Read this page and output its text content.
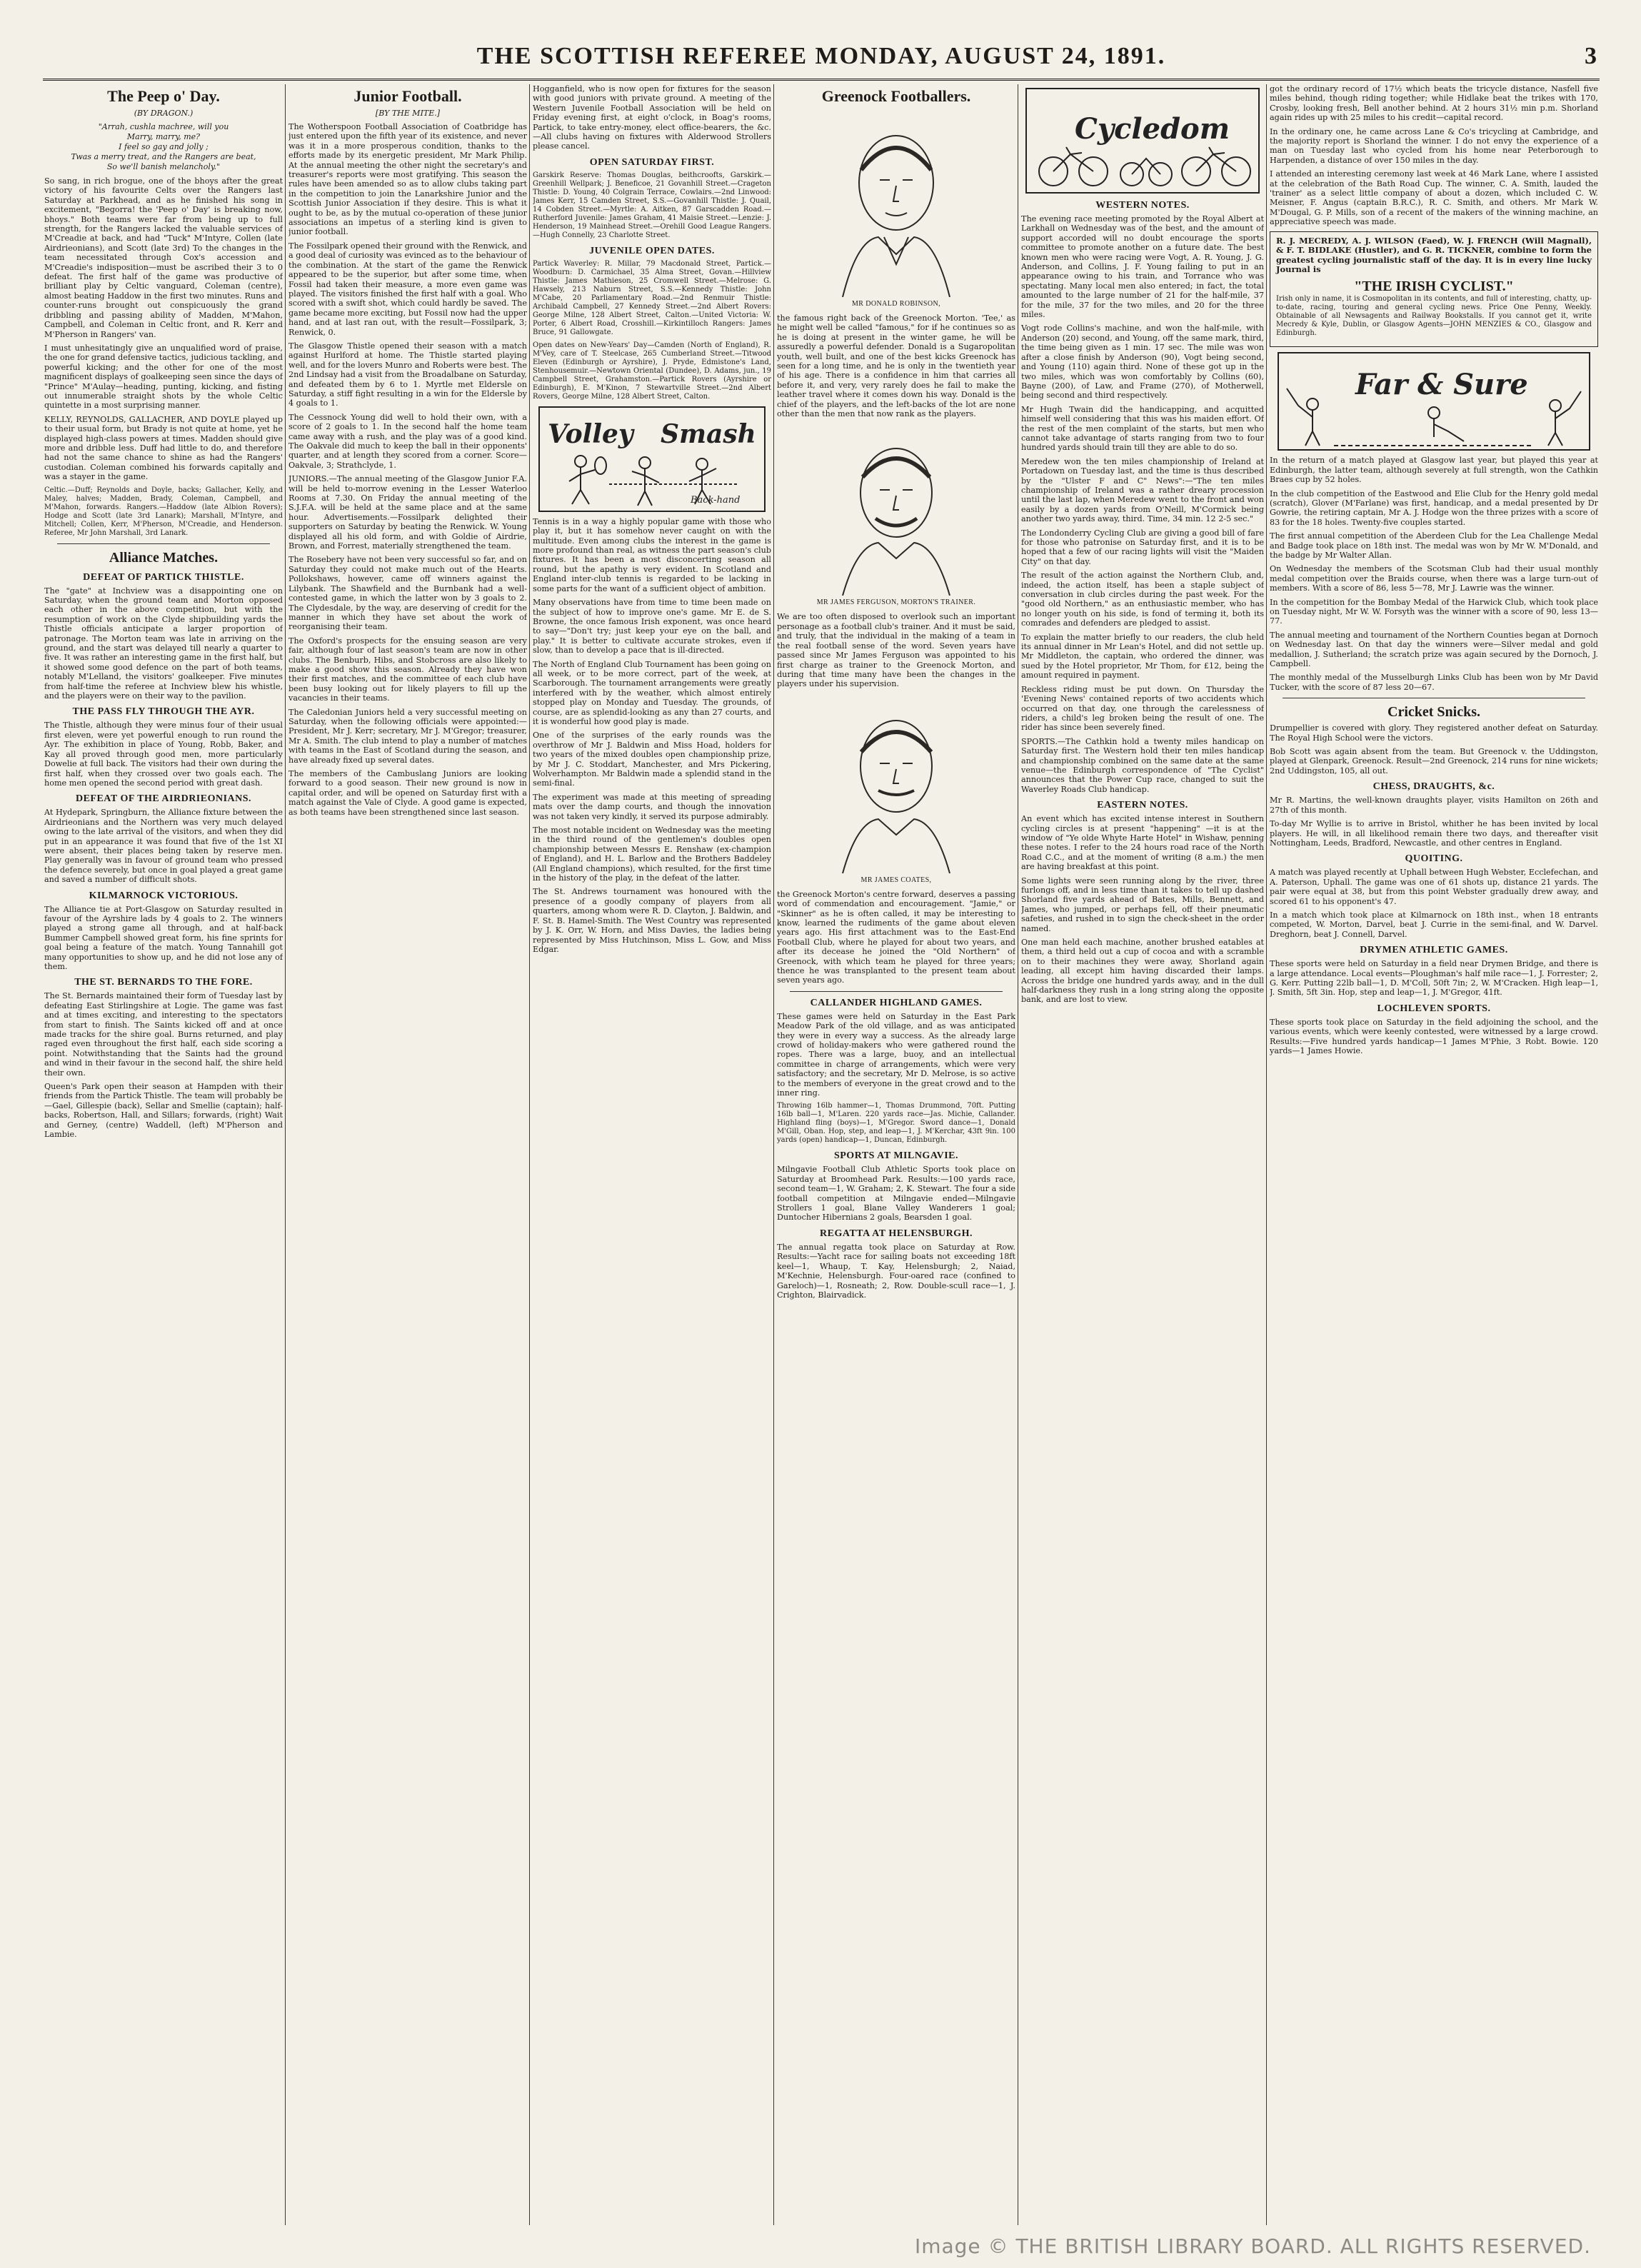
THE SCOTTISH REFEREE MONDAY, AUGUST 24, 1891.	3
The Peep o' Day.
(BY DRAGON.)
"Arrah, cushla machree, will you
Marry, marry, me?
I feel so gay and jolly ;
Twas a merry treat, and the Rangers are beat,
So we'll banish melancholy."

So sang, in rich brogue, one of the bhoys after the great victory of his favourite Celts over the Rangers last Saturday at Parkhead, and as he finished his song in excitement, "Begorra! the 'Peep o' Day' is breaking now, bhoys." Both teams were far from being up to full strength, for the Rangers lacked the valuable services of M'Creadie at back, and had "Tuck" M'Intyre, Collen (late Airdrieonians), and Scott (late 3rd) To the changes in the team necessitated through Cox's accession and M'Creadie's indisposition—must be ascribed their 3 to 0 defeat. The first half of the game was productive of brilliant play by Celtic vanguard, Coleman (centre), almost beating Haddow in the first two minutes. Runs and counter-runs brought out conspicuously the grand dribbling and passing ability of Madden, M'Mahon, Campbell, and Coleman in Celtic front, and R. Kerr and M'Pherson in Rangers' van.

I must unhesitatingly give an unqualified word of praise, the one for grand defensive tactics, judicious tackling, and powerful kicking; and the other for one of the most magnificent displays of goalkeeping seen since the days of "Prince" M'Aulay—heading, punting, kicking, and fisting out innumerable straight shots by the whole Celtic quintette in a most surprising manner.

KELLY, REYNOLDS, GALLACHER, AND DOYLE played up to their usual form, but Brady is not quite at home, yet he displayed high-class powers at times. Madden should give more and dribble less. Duff had little to do, and therefore had not the same chance to shine as had the Rangers' custodian. Coleman combined his forwards capitally and was a stayer in the game.

Celtic.—Duff; Reynolds and Doyle, backs; Gallacher, Kelly, and Maley, halves; Madden, Brady, Coleman, Campbell, and M'Mahon, forwards. Rangers.—Haddow (late Albion Rovers); Hodge and Scott (late 3rd Lanark); Marshall, M'Intyre, and Mitchell; Collen, Kerr, M'Pherson, M'Creadie, and Henderson. Referee, Mr John Marshall, 3rd Lanark.

Alliance Matches.
DEFEAT OF PARTICK THISTLE.

The "gate" at Inchview was a disappointing one on Saturday, when the ground team and Morton opposed each other in the above competition, but with the resumption of work on the Clyde shipbuilding yards the Thistle officials anticipate a larger proportion of patronage. The Morton team was late in arriving on the ground, and the start was delayed till nearly a quarter to five. It was rather an interesting game in the first half, but it showed some good defence on the part of both teams, notably M'Lelland, the visitors' goalkeeper. Five minutes from half-time the referee at Inchview blew his whistle, and the players were on their way to the pavilion.

THE PASS FLY THROUGH THE AYR.

The Thistle, although they were minus four of their usual first eleven, were yet powerful enough to run round the Ayr. The exhibition in place of Young, Robb, Baker, and Kay all proved through good men, more particularly Dowelie at full back. The visitors had their own during the first half, when they crossed over two goals each. The home men opened the second period with great dash.

DEFEAT OF THE AIRDRIEONIANS.

At Hydepark, Springburn, the Alliance fixture between the Airdrieonians and the Northern was very much delayed owing to the late arrival of the visitors, and when they did put in an appearance it was found that five of the 1st XI were absent, their places being taken by reserve men. Play generally was in favour of ground team who pressed the defence severely, but once in goal played a great game and saved a number of difficult shots.

KILMARNOCK VICTORIOUS.

The Alliance tie at Port-Glasgow on Saturday resulted in favour of the Ayrshire lads by 4 goals to 2. The winners played a strong game all through, and at half-back Bummer Campbell showed great form, his fine sprints for goal being a feature of the match. Young Tannahill got many opportunities to show up, and he did not lose any of them.

THE ST. BERNARDS TO THE FORE.

The St. Bernards maintained their form of Tuesday last by defeating East Stirlingshire at Logie. The game was fast and at times exciting, and interesting to the spectators from start to finish. The Saints kicked off and at once made tracks for the shire goal. Burns returned, and play raged even throughout the first half, each side scoring a point. Notwithstanding that the Saints had the ground and wind in their favour in the second half, the shire held their own.

Queen's Park open their season at Hampden with their friends from the Partick Thistle. The team will probably be—Gael, Gillespie (back), Sellar and Smellie (captain); half-backs, Robertson, Hall, and Sillars; forwards, (right) Wait and Gerney, (centre) Waddell, (left) M'Pherson and Lambie.

Junior Football.
[BY THE MITE.]

The Wotherspoon Football Association of Coatbridge has just entered upon the fifth year of its existence, and never was it in a more prosperous condition, thanks to the efforts made by its energetic president, Mr Mark Philip. At the annual meeting the other night the secretary's and treasurer's reports were most gratifying. This season the rules have been amended so as to allow clubs taking part in the competition to join the Lanarkshire Junior and the Scottish Junior Association if they desire. This is what it ought to be, as by the mutual co-operation of these junior associations an impetus of a sterling kind is given to junior football.

The Fossilpark opened their ground with the Renwick, and a good deal of curiosity was evinced as to the behaviour of the combination. At the start of the game the Renwick appeared to be the superior, but after some time, when Fossil had taken their measure, a more even game was played. The visitors finished the first half with a goal. Who scored with a swift shot, which could hardly be saved. The game became more exciting, but Fossil now had the upper hand, and at last ran out, with the result—Fossilpark, 3; Renwick, 0.

The Glasgow Thistle opened their season with a match against Hurlford at home. The Thistle started playing well, and for the lovers Munro and Roberts were best. The 2nd Lindsay had a visit from the Broadalbane on Saturday, and defeated them by 6 to 1. Myrtle met Eldersle on Saturday, a stiff fight resulting in a win for the Eldersle by 4 goals to 1.

The Cessnock Young did well to hold their own, with a score of 2 goals to 1. In the second half the home team came away with a rush, and the play was of a good kind. The Oakvale did much to keep the ball in their opponents' quarter, and at length they scored from a corner. Score—Oakvale, 3; Strathclyde, 1.

JUNIORS.—The annual meeting of the Glasgow Junior F.A. will be held to-morrow evening in the Lesser Waterloo Rooms at 7.30. On Friday the annual meeting of the S.J.F.A. will be held at the same place and at the same hour. Advertisements.—Fossilpark delighted their supporters on Saturday by beating the Renwick. W. Young displayed all his old form, and with Goldie of Airdrie, Brown, and Forrest, materially strengthened the team.

The Rosebery have not been very successful so far, and on Saturday they could not make much out of the Hearts. Pollokshaws, however, came off winners against the Lilybank. The Shawfield and the Burnbank had a well-contested game, in which the latter won by 3 goals to 2. The Clydesdale, by the way, are deserving of credit for the manner in which they have set about the work of reorganising their team.

The Oxford's prospects for the ensuing season are very fair, although four of last season's team are now in other clubs. The Benburb, Hibs, and Stobcross are also likely to make a good show this season. Already they have won their first matches, and the committee of each club have been busy looking out for likely players to fill up the vacancies in their teams.

The Caledonian Juniors held a very successful meeting on Saturday, when the following officials were appointed:—President, Mr J. Kerr; secretary, Mr J. M'Gregor; treasurer, Mr A. Smith. The club intend to play a number of matches with teams in the East of Scotland during the season, and have already fixed up several dates.

The members of the Cambuslang Juniors are looking forward to a good season. Their new ground is now in capital order, and will be opened on Saturday first with a match against the Vale of Clyde. A good game is expected, as both teams have been strengthened since last season.

Hogganfield, who is now open for fixtures for the season with good juniors with private ground. A meeting of the Western Juvenile Football Association will be held on Friday evening first, at eight o'clock, in Boag's rooms, Partick, to take entry-money, elect office-bearers, the &c.—All clubs having on fixtures with Alderwood Strollers please cancel.

OPEN SATURDAY FIRST.

Garskirk Reserve: Thomas Douglas, beithcroofts, Garskirk.—Greenhill Wellpark; J. Beneficoe, 21 Govanhill Street.—Crageton Thistle: D. Young, 40 Colgrain Terrace, Cowlairs.—2nd Linwood: James Kerr, 15 Camden Street, S.S.—Govanhill Thistle: J. Quail, 14 Cobden Street.—Myrtle: A. Aitken, 87 Garscadden Road.—Rutherford Juvenile: James Graham, 41 Maisie Street.—Lenzie: J. Henderson, 19 Mainhead Street.—Orehill Good League Rangers.—Hugh Connelly, 23 Charlotte Street.

JUVENILE OPEN DATES.

Partick Waverley: R. Millar, 79 Macdonald Street, Partick.—Woodburn: D. Carmichael, 35 Alma Street, Govan.—Hillview Thistle: James Mathieson, 25 Cromwell Street.—Melrose: G. Hawsely, 213 Naburn Street, S.S.—Kennedy Thistle: John M'Cabe, 20 Parliamentary Road.—2nd Renmuir Thistle: Archibald Campbell, 27 Kennedy Street.—2nd Albert Rovers: George Milne, 128 Albert Street, Calton.—United Victoria: W. Porter, 6 Albert Road, Crosshill.—Kirkintilloch Rangers: James Bruce, 91 Gallowgate.

Open dates on New-Years' Day—Camden (North of England), R. M'Vey, care of T. Steelcase, 265 Cumberland Street.—Titwood Eleven (Edinburgh or Ayrshire), J. Pryde, Edmistone's Land, Stenhousemuir.—Newtown Oriental (Dundee), D. Adams, jun., 19 Campbell Street, Grahamston.—Partick Rovers (Ayrshire or Edinburgh), E. M'Kinon, 7 Stewartville Street.—2nd Albert Rovers, George Milne, 128 Albert Street, Calton.

Volley Smash
Back-hand

Tennis is in a way a highly popular game with those who play it, but it has somehow never caught on with the multitude. Even among clubs the interest in the game is more profound than real, as witness the part season's club fixtures. It has been a most disconcerting season all round, but the apathy is very evident. In Scotland and England inter-club tennis is regarded to be lacking in some parts for the want of a sufficient object of ambition.

Many observations have from time to time been made on the subject of how to improve one's game. Mr E. de S. Browne, the once famous Irish exponent, was once heard to say—"Don't try; just keep your eye on the ball, and play." It is better to cultivate accurate strokes, even if slow, than to develop a pace that is ill-directed.

The North of England Club Tournament has been going on all week, or to be more correct, part of the week, at Scarborough. The tournament arrangements were greatly interfered with by the weather, which almost entirely stopped play on Monday and Tuesday. The grounds, of course, are as splendid-looking as any than 27 courts, and it is wonderful how good play is made.

One of the surprises of the early rounds was the overthrow of Mr J. Baldwin and Miss Hoad, holders for two years of the mixed doubles open championship prize, by Mr J. C. Stoddart, Manchester, and Mrs Pickering, Wolverhampton. Mr Baldwin made a splendid stand in the semi-final.

The experiment was made at this meeting of spreading mats over the damp courts, and though the innovation was not taken very kindly, it served its purpose admirably.

The most notable incident on Wednesday was the meeting in the third round of the gentlemen's doubles open championship between Messrs E. Renshaw (ex-champion of England), and H. L. Barlow and the Brothers Baddeley (All England champions), which resulted, for the first time in the history of the play, in the defeat of the latter.

The St. Andrews tournament was honoured with the presence of a goodly company of players from all quarters, among whom were R. D. Clayton, J. Baldwin, and F. St. B. Hamel-Smith. The West Country was represented by J. K. Orr, W. Horn, and Miss Davies, the ladies being represented by Miss Hutchinson, Miss L. Gow, and Miss Edgar.

Greenock Footballers.
MR DONALD ROBINSON,

the famous right back of the Greenock Morton. 'Tee,' as he might well be called "famous," for if he continues so as he is doing at present in the winter game, he will be assuredly a powerful defender. Donald is a Sugaropolitan youth, well built, and one of the best kicks Greenock has seen for a long time, and he is only in the twentieth year of his age. There is a confidence in him that carries all before it, and very, very rarely does he fail to make the leather travel where it comes down his way. Donald is the chief of the players, and the left-backs of the lot are none other than the men that now rank as the players.

MR JAMES FERGUSON, MORTON'S TRAINER.

We are too often disposed to overlook such an important personage as a football club's trainer. And it must be said, and truly, that the individual in the making of a team in the real football sense of the word. Seven years have passed since Mr James Ferguson was appointed to his first charge as trainer to the Greenock Morton, and during that time many have been the changes in the players under his supervision.

MR JAMES COATES,

the Greenock Morton's centre forward, deserves a passing word of commendation and encouragement. "Jamie," or "Skinner" as he is often called, it may be interesting to know, learned the rudiments of the game about eleven years ago. His first attachment was to the East-End Football Club, where he played for about two years, and after its decease he joined the "Old Northern" of Greenock, with which team he played for three years; thence he was transplanted to the present team about seven years ago.

CALLANDER HIGHLAND GAMES.

These games were held on Saturday in the East Park Meadow Park of the old village, and as was anticipated they were in every way a success. As the already large crowd of holiday-makers who were gathered round the ropes. There was a large, buoy, and an intellectual committee in charge of arrangements, which were very satisfactory; and the secretary, Mr D. Melrose, is so active to the members of everyone in the great crowd and to the inner ring.

Throwing 16lb hammer—1, Thomas Drummond, 70ft. Putting 16lb ball—1, M'Laren. 220 yards race—Jas. Michie, Callander. Highland fling (boys)—1, M'Gregor. Sword dance—1, Donald M'Gill, Oban. Hop, step, and leap—1, J. M'Kerchar, 43ft 9in. 100 yards (open) handicap—1, Duncan, Edinburgh.

SPORTS AT MILNGAVIE.

Milngavie Football Club Athletic Sports took place on Saturday at Broomhead Park. Results:—100 yards race, second team—1, W. Graham; 2, K. Stewart. The four a side football competition at Milngavie ended—Milngavie Strollers 1 goal, Blane Valley Wanderers 1 goal; Duntocher Hibernians 2 goals, Bearsden 1 goal.

REGATTA AT HELENSBURGH.

The annual regatta took place on Saturday at Row. Results:—Yacht race for sailing boats not exceeding 18ft keel—1, Whaup, T. Kay, Helensburgh; 2, Naiad, M'Kechnie, Helensburgh. Four-oared race (confined to Gareloch)—1, Rosneath; 2, Row. Double-scull race—1, J. Crighton, Blairvadick.

Cycledom
WESTERN NOTES.

The evening race meeting promoted by the Royal Albert at Larkhall on Wednesday was of the best, and the amount of support accorded will no doubt encourage the sports committee to promote another on a future date. The best known men who were racing were Vogt, A. R. Young, J. G. Anderson, and Collins, J. F. Young failing to put in an appearance owing to his train, and Torrance who was spectating. Many local men also entered; in fact, the total amounted to the large number of 21 for the half-mile, 37 for the mile, 37 for the two miles, and 20 for the three miles.

Vogt rode Collins's machine, and won the half-mile, with Anderson (20) second, and Young, off the same mark, third, the time being given as 1 min. 17 sec. The mile was won after a close finish by Anderson (90), Vogt being second, and Young (110) again third. None of these got up in the two miles, which was won comfortably by Collins (60), Bayne (200), of Law, and Frame (270), of Motherwell, being second and third respectively.

Mr Hugh Twain did the handicapping, and acquitted himself well considering that this was his maiden effort. Of the rest of the men complaint of the starts, but men who cannot take advantage of starts ranging from two to four hundred yards should train till they are able to do so.

Meredew won the ten miles championship of Ireland at Portadown on Tuesday last, and the time is thus described by the "Ulster F and C" News":—"The ten miles championship of Ireland was a rather dreary procession until the last lap, when Meredew went to the front and won easily by a dozen yards from O'Neill, M'Cormick being another two yards away, third. Time, 34 min. 12 2-5 sec."

The Londonderry Cycling Club are giving a good bill of fare for those who patronise on Saturday first, and it is to be hoped that a few of our racing lights will visit the "Maiden City" on that day.

The result of the action against the Northern Club, and, indeed, the action itself, has been a staple subject of conversation in club circles during the past week. For the "good old Northern," as an enthusiastic member, who has no longer youth on his side, is fond of terming it, both its comrades and defenders are pledged to assist.

To explain the matter briefly to our readers, the club held its annual dinner in Mr Lean's Hotel, and did not settle up. Mr Middleton, the captain, who ordered the dinner, was sued by the Hotel proprietor, Mr Thom, for £12, being the amount required in payment.

Reckless riding must be put down. On Thursday the 'Evening News' contained reports of two accidents which occurred on that day, one through the carelessness of riders, a child's leg broken being the result of one. The rider has since been severely fined.

SPORTS.—The Cathkin hold a twenty miles handicap on Saturday first. The Western hold their ten miles handicap and championship combined on the same date at the same venue—the Edinburgh correspondence of "The Cyclist" announces that the Power Cup race, changed to suit the Waverley Roads Club handicap.

EASTERN NOTES.

An event which has excited intense interest in Southern cycling circles is at present "happening" —it is at the window of "Ye olde Whyte Harte Hotel" in Wishaw, penning these notes. I refer to the 24 hours road race of the North Road C.C., and at the moment of writing (8 a.m.) the men are having breakfast at this point.

Some lights were seen running along by the river, three furlongs off, and in less time than it takes to tell up dashed Shorland five yards ahead of Bates, Mills, Bennett, and James, who jumped, or perhaps fell, off their pneumatic safeties, and rushed in to sign the check-sheet in the order named.

One man held each machine, another brushed eatables at them, a third held out a cup of cocoa and with a scramble on to their machines they were away, Shorland again leading, all except him having discarded their lamps. Across the bridge one hundred yards away, and in the dull half-darkness they rush in a long string along the opposite bank, and are lost to view.

got the ordinary record of 17½ which beats the tricycle distance, Nasfell five miles behind, though riding together; while Hidlake beat the trikes with 170, Crosby, looking fresh, Bell another behind. At 2 hours 31½ min p.m. Shorland again rides up with 25 miles to his credit—capital record.

In the ordinary one, he came across Lane & Co's tricycling at Cambridge, and the majority report is Shorland the winner. I do not envy the experience of a man on Tuesday last who cycled from his home near Peterborough to Harpenden, a distance of over 150 miles in the day.

I attended an interesting ceremony last week at 46 Mark Lane, where I assisted at the celebration of the Bath Road Cup. The winner, C. A. Smith, lauded the 'trainer' as a select little company of about a dozen, which included C. W. Meisner, F. Angus (captain B.R.C.), R. C. Smith, and others. Mr Mark W. M'Dougal, G. P. Mills, son of a recent of the makers of the winning machine, an appreciative speech was made.

R. J. MECREDY, A. J. WILSON (Faed), W. J. FRENCH (Will Magnall), & F. T. BIDLAKE (Hustler), and G. R. TICKNER, combine to form the greatest cycling journalistic staff of the day. It is in every line lucky Journal is

"THE IRISH CYCLIST."

Irish only in name, it is Cosmopolitan in its contents, and full of interesting, chatty, up-to-date, racing, touring and general cycling news. Price One Penny, Weekly. Obtainable of all Newsagents and Railway Bookstalls. If you cannot get it, write Mecredy & Kyle, Dublin, or Glasgow Agents—JOHN MENZIES & CO., Glasgow and Edinburgh.

Far & Sure

In the return of a match played at Glasgow last year, but played this year at Edinburgh, the latter team, although severely at full strength, won the Cathkin Braes cup by 52 holes.

In the club competition of the Eastwood and Elie Club for the Henry gold medal (scratch), Glover (M'Farlane) was first, handicap, and a medal presented by Dr Gowrie, the retiring captain, Mr A. J. Hodge won the three prizes with a score of 83 for the 18 holes. Twenty-five couples started.

The first annual competition of the Aberdeen Club for the Lea Challenge Medal and Badge took place on 18th inst. The medal was won by Mr W. M'Donald, and the badge by Mr Walter Allan.

On Wednesday the members of the Scotsman Club had their usual monthly medal competition over the Braids course, when there was a large turn-out of members. With a score of 86, less 5—78, Mr J. Lawrie was the winner.

In the competition for the Bombay Medal of the Harwick Club, which took place on Tuesday night, Mr W. W. Forsyth was the winner with a score of 90, less 13—77.

The annual meeting and tournament of the Northern Counties began at Dornoch on Wednesday last. On that day the winners were—Silver medal and gold medallion, J. Sutherland; the scratch prize was again secured by the Dornoch, J. Campbell.

The monthly medal of the Musselburgh Links Club has been won by Mr David Tucker, with the score of 87 less 20—67.

Cricket Snicks.

Drumpellier is covered with glory. They registered another defeat on Saturday. The Royal High School were the victors.

Bob Scott was again absent from the team. But Greenock v. the Uddingston, played at Glenpark, Greenock. Result—2nd Greenock, 214 runs for nine wickets; 2nd Uddingston, 105, all out.

CHESS, DRAUGHTS, &c.

Mr R. Martins, the well-known draughts player, visits Hamilton on 26th and 27th of this month.

To-day Mr Wyllie is to arrive in Bristol, whither he has been invited by local players. He will, in all likelihood remain there two days, and thereafter visit Nottingham, Leeds, Bradford, Newcastle, and other centres in England.

QUOITING.

A match was played recently at Uphall between Hugh Webster, Ecclefechan, and A. Paterson, Uphall. The game was one of 61 shots up, distance 21 yards. The pair were equal at 38, but from this point Webster gradually drew away, and scored 61 to his opponent's 47.

In a match which took place at Kilmarnock on 18th inst., when 18 entrants competed, W. Morton, Darvel, beat J. Currie in the semi-final, and W. Darvel. Dreghorn, beat J. Connell, Darvel.

DRYMEN ATHLETIC GAMES.

These sports were held on Saturday in a field near Drymen Bridge, and there is a large attendance. Local events—Ploughman's half mile race—1, J. Forrester; 2, G. Kerr. Putting 22lb ball—1, D. M'Coll, 50ft 7in; 2, W. M'Cracken. High leap—1, J. Smith, 5ft 3in. Hop, step and leap—1, J. M'Gregor, 41ft.

LOCHLEVEN SPORTS.

These sports took place on Saturday in the field adjoining the school, and the various events, which were keenly contested, were witnessed by a large crowd. Results:—Five hundred yards handicap—1 James M'Phie, 3 Robt. Bowie. 120 yards—1 James Howie.

Image © THE BRITISH LIBRARY BOARD. ALL RIGHTS RESERVED.
